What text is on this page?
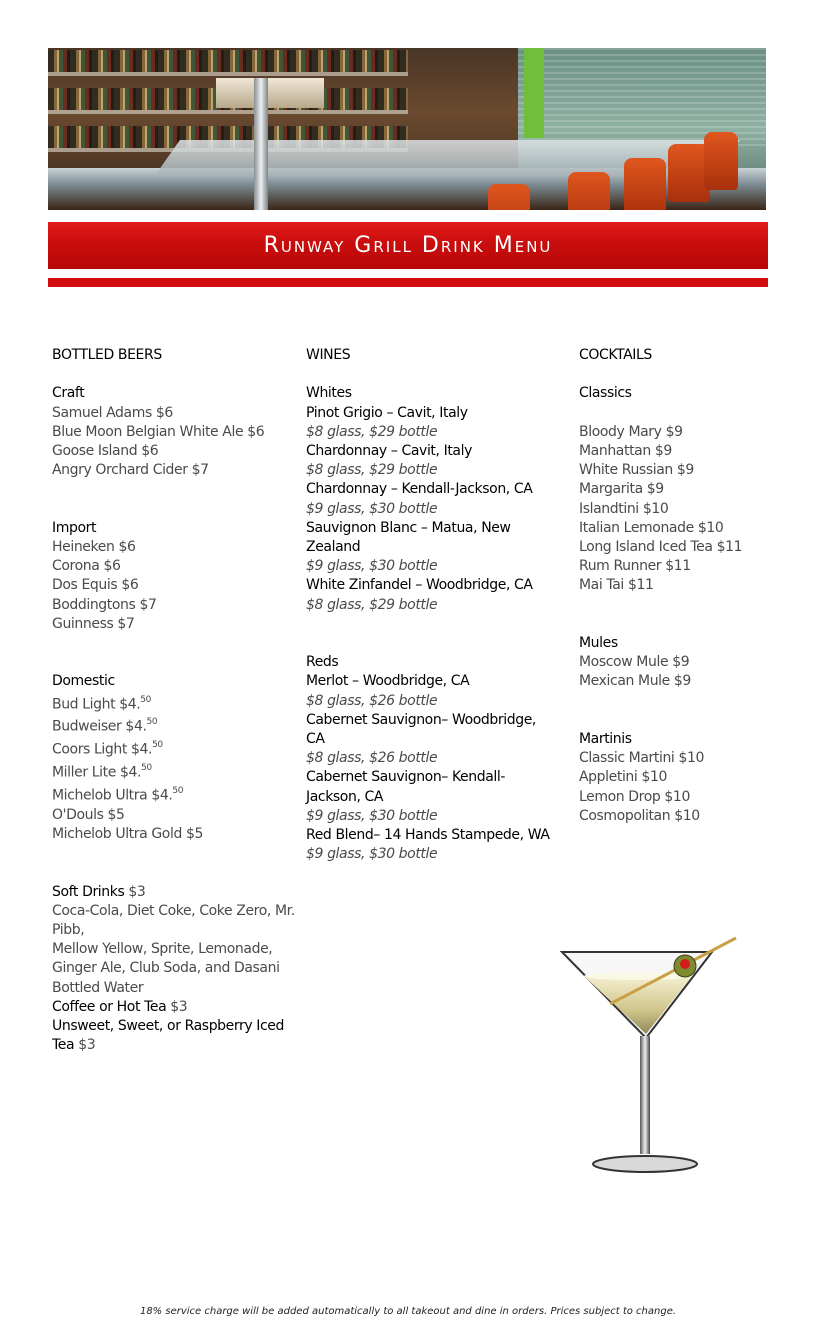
Runway Grill Drink Menu
BOTTLED BEERS
Craft
Samuel Adams $6
Blue Moon Belgian White Ale $6
Goose Island $6
Angry Orchard Cider $7
Import
Heineken $6
Corona $6
Dos Equis $6
Boddingtons $7
Guinness $7
Domestic
Bud Light $4.50
Budweiser $4.50
Coors Light $4.50
Miller Lite $4.50
Michelob Ultra $4.50
O'Douls $5
Michelob Ultra Gold $5
Soft Drinks $3
Coca-Cola, Diet Coke, Coke Zero, Mr.
Pibb,
Mellow Yellow, Sprite, Lemonade,
Ginger Ale, Club Soda, and Dasani
Bottled Water
Coffee or Hot Tea $3
Unsweet, Sweet, or Raspberry Iced
Tea $3
WINES
Whites
Pinot Grigio – Cavit, Italy
$8 glass, $29 bottle
Chardonnay – Cavit, Italy
$8 glass, $29 bottle
Chardonnay – Kendall-Jackson, CA
$9 glass, $30 bottle
Sauvignon Blanc – Matua, New
Zealand
$9 glass, $30 bottle
White Zinfandel – Woodbridge, CA
$8 glass, $29 bottle
Reds
Merlot – Woodbridge, CA
$8 glass, $26 bottle
Cabernet Sauvignon– Woodbridge,
CA
$8 glass, $26 bottle
Cabernet Sauvignon– Kendall-
Jackson, CA
$9 glass, $30 bottle
Red Blend– 14 Hands Stampede, WA
$9 glass, $30 bottle
COCKTAILS
Classics
Bloody Mary $9
Manhattan $9
White Russian $9
Margarita $9
Islandtini $10
Italian Lemonade $10
Long Island Iced Tea $11
Rum Runner $11
Mai Tai $11
Mules
Moscow Mule $9
Mexican Mule $9
Martinis
Classic Martini $10
Appletini $10
Lemon Drop $10
Cosmopolitan $10
18% service charge will be added automatically to all takeout and dine in orders. Prices subject to change.
